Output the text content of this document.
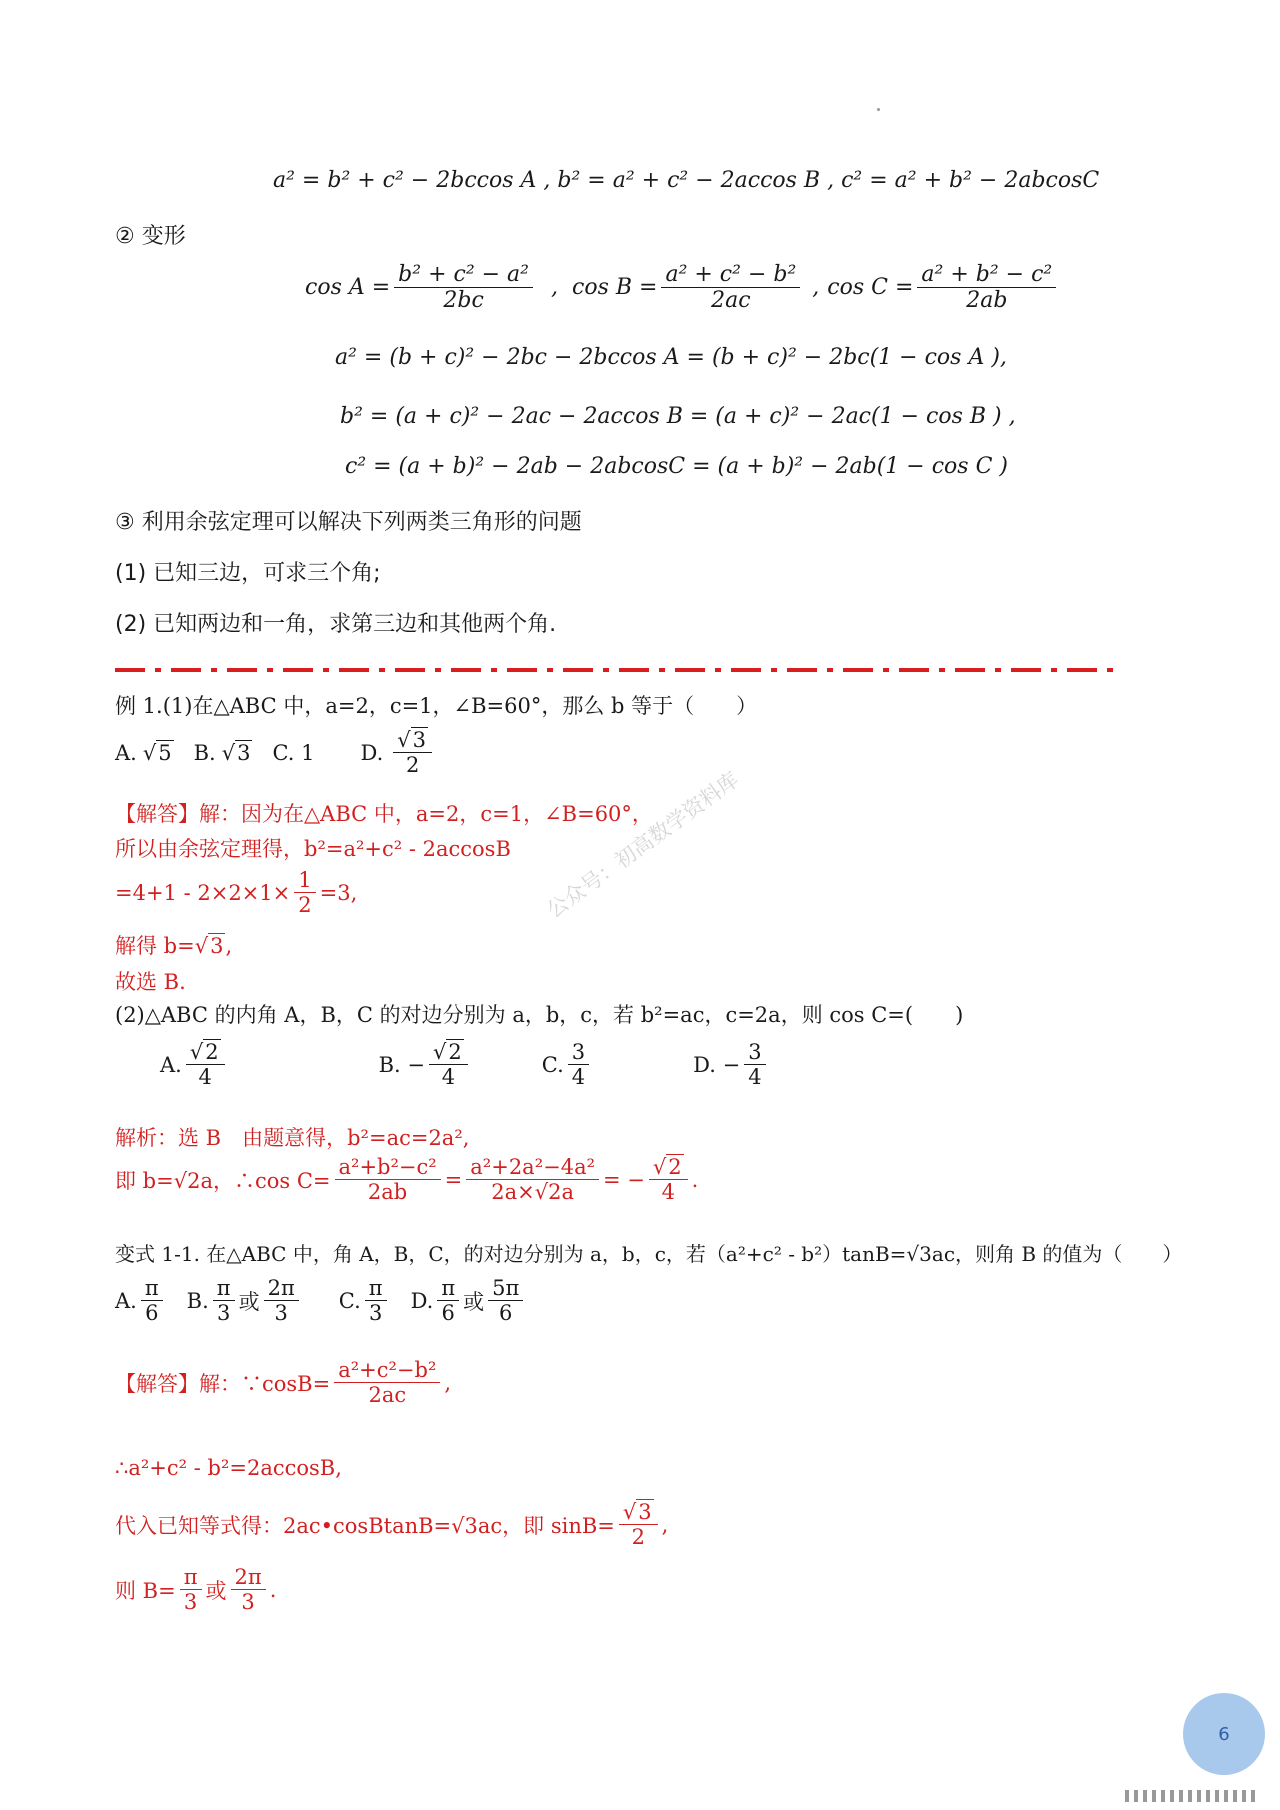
a² = b² + c² − 2bccos A , b² = a² + c² − 2accos B , c² = a² + b² − 2abcosC
② 变形
$\cos A = \frac{\text{b² + c² − a²}}{2bc}$ , $\cos B = \frac{\text{a² + c² − b²}}{2ac}$ , $\cos C = \frac{\text{a² + b² − c²}}{2ab}$
a² = (b + c)² − 2bc − 2bccos A = (b + c)² − 2bc(1 − cos A ),
b² = (a + c)² − 2ac − 2accos B = (a + c)² − 2ac(1 − cos B ) ,
c² = (a + b)² − 2ab − 2abcosC = (a + b)² − 2ab(1 − cos C )
③ 利用余弦定理可以解决下列两类三角形的问题
(1) 已知三边，可求三个角;
(2) 已知两边和一角，求第三边和其他两个角.
例 1.(1)在△ABC 中，a=2，c=1，∠B=60°，那么 b 等于（　　）
A. √5 B. √3 C. 1 D. $\frac{√3}{2}$
【解答】解：因为在△ABC 中，a=2，c=1，∠B=60°，
所以由余弦定理得，b²=a²+c² - 2accosB
$=4+1 - 2\times 2\times 1\times \frac{1}{2} =3$,
解得 b=√3,
故选 B.
(2)△ABC 的内角 A，B，C 的对边分别为 a，b，c，若 b²=ac，c=2a，则 cos C=(　　)
A. $\frac{√2}{4}$	B. − $\frac{√2}{4}$	C. $\frac{3}{4}$	D. − $\frac{3}{4}$
解析：选 B　由题意得，b²=ac=2a²,
即 b=√2a，∴cos $C= \frac{\text{a²+b²−c²}}{2ab} = \frac{\text{a²+2a²−4a²}}{2a\times√2a}$ = − $\frac{√2}{4}$ .
变式 1-1. 在△ABC 中，角 A，B，C，的对边分别为 a，b，c，若（a²+c² - b²）tanB=√3ac，则角 B 的值为（　　）
A. $\frac{\pi}{6} B$. $\frac{\pi}{3}$ 或 $\frac{2\pi}{3} C$. $\frac{\pi}{3} D$. $\frac{\pi}{6}$ 或 $\frac{5\pi}{6}$
【解答】解：∵cosB= $\frac{\text{a²+c²−b²}}{2ac}$ ,
∴a²+c² - b²=2accosB,
代入已知等式得：2ac•cosBtanB=√3ac，即 $\sin B= \frac{√3}{2}$ ,
则 $B= \frac{\pi}{3}$ 或 $\frac{2\pi}{3}$ .
公众号：初高数学资料库
6
